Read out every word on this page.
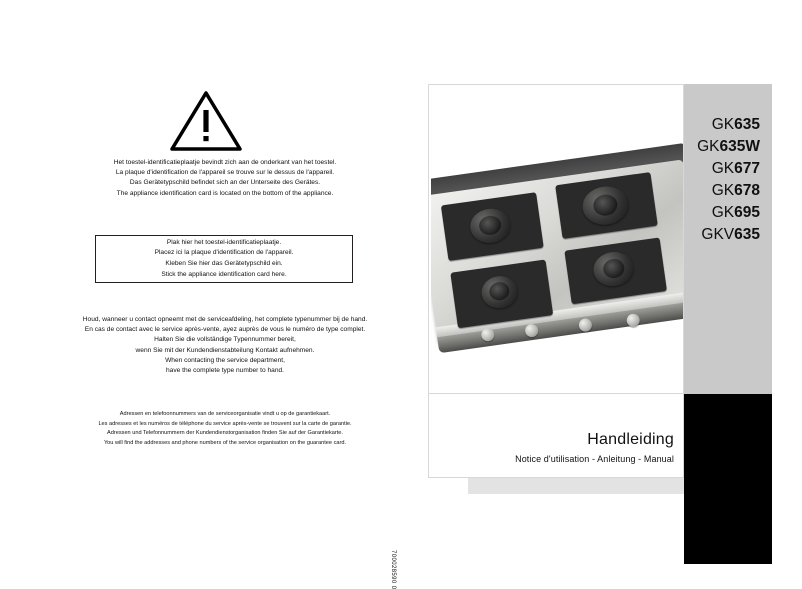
Het toestel-identificatieplaatje bevindt zich aan de onderkant van het toestel.
La plaque d'identification de l'appareil se trouve sur le dessus de l'appareil.
Das Gerätetypschild befindet sich an der Unterseite des Gerätes.
The appliance identification card is located on the bottom of the appliance.
Plak hier het toestel-identificatieplaatje.
Placez ici la plaque d'identification de l'appareil.
Kleben Sie hier das Gerätetypschild ein.
Stick the appliance identification card here.
Houd, wanneer u contact opneemt met de serviceafdeling, het complete typenummer bij de hand.
En cas de contact avec le service après-vente, ayez auprès de vous le numéro de type complet.
Halten Sie die vollständige Typennummer bereit,
wenn Sie mit der Kundendienstabteilung Kontakt aufnehmen.
When contacting the service department,
have the complete type number to hand.
Adressen en telefoonnummers van de serviceorganisatie vindt u op de garantiekaart.
Les adresses et les numéros de téléphone du service après-vente se trouvent sur la carte de garantie.
Adressen und Telefonnummern der Kundendienstorganisation finden Sie auf der Garantiekarte.
You will find the addresses and phone numbers of the service organisation on the guarantee card.
700028590 0
GK635
GK635W
GK677
GK678
GK695
GKV635
Handleiding
Notice d'utilisation - Anleitung - Manual
